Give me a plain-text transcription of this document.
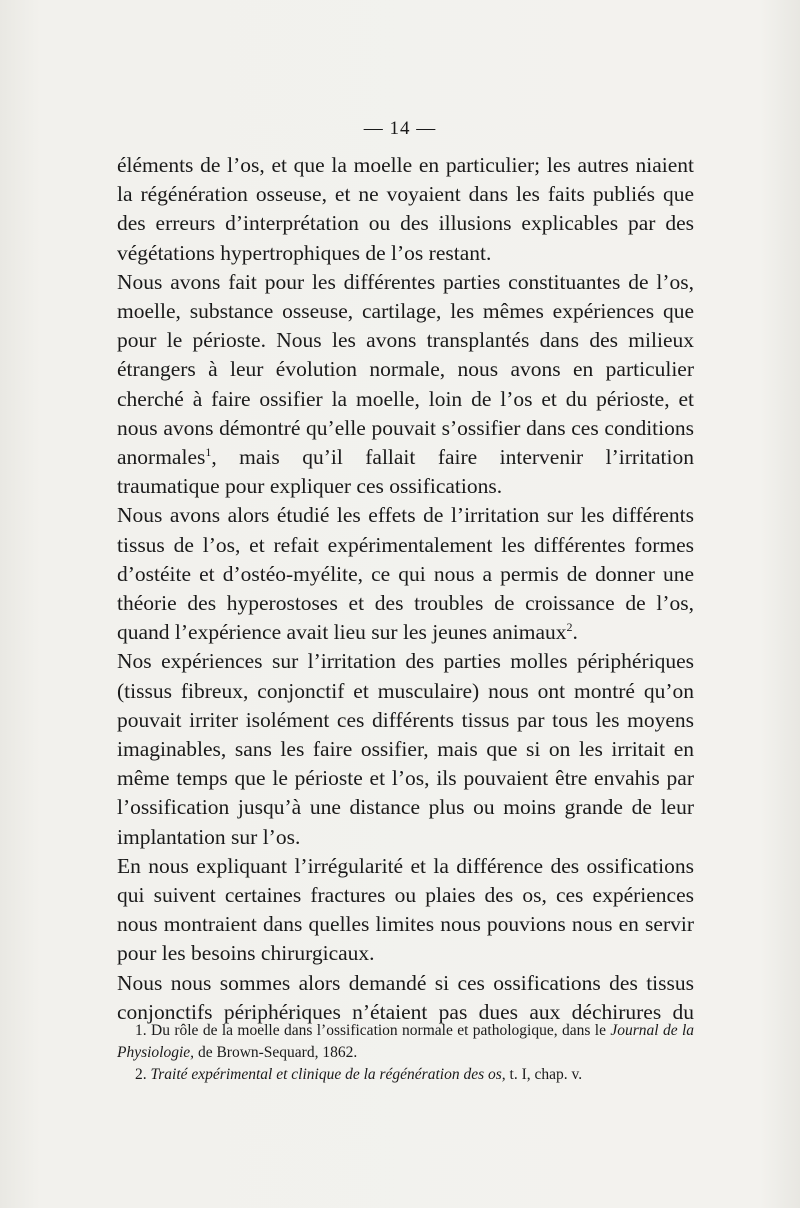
— 14 —

éléments de l’os, et que la moelle en particulier; les autres niaient la régénération osseuse, et ne voyaient dans les faits publiés que des erreurs d’interprétation ou des illusions explicables par des végétations hypertrophiques de l’os restant.

Nous avons fait pour les différentes parties constituantes de l’os, moelle, substance osseuse, cartilage, les mêmes expériences que pour le périoste. Nous les avons transplantés dans des milieux étrangers à leur évolution normale, nous avons en particulier cherché à faire ossifier la moelle, loin de l’os et du périoste, et nous avons démontré qu’elle pouvait s’ossifier dans ces conditions anormales$^1$, mais qu’il fallait faire intervenir l’irritation traumatique pour expliquer ces ossifications.

Nous avons alors étudié les effets de l’irritation sur les différents tissus de l’os, et refait expérimentalement les différentes formes d’ostéite et d’ostéo-myélite, ce qui nous a permis de donner une théorie des hyperostoses et des troubles de croissance de l’os, quand l’expérience avait lieu sur les jeunes animaux$^2$.

Nos expériences sur l’irritation des parties molles périphériques (tissus fibreux, conjonctif et musculaire) nous ont montré qu’on pouvait irriter isolément ces différents tissus par tous les moyens imaginables, sans les faire ossifier, mais que si on les irritait en même temps que le périoste et l’os, ils pouvaient être envahis par l’ossification jusqu’à une distance plus ou moins grande de leur implantation sur l’os.

En nous expliquant l’irrégularité et la différence des ossifications qui suivent certaines fractures ou plaies des os, ces expériences nous montraient dans quelles limites nous pouvions nous en servir pour les besoins chirurgicaux.

Nous nous sommes alors demandé si ces ossifications des tissus conjonctifs périphériques n’étaient pas dues aux déchirures du

1. Du rôle de la moelle dans l’ossification normale et pathologique, dans le Journal de la Physiologie, de Brown-Sequard, 1862.

2. Traité expérimental et clinique de la régénération des os, t. I, chap. v.
